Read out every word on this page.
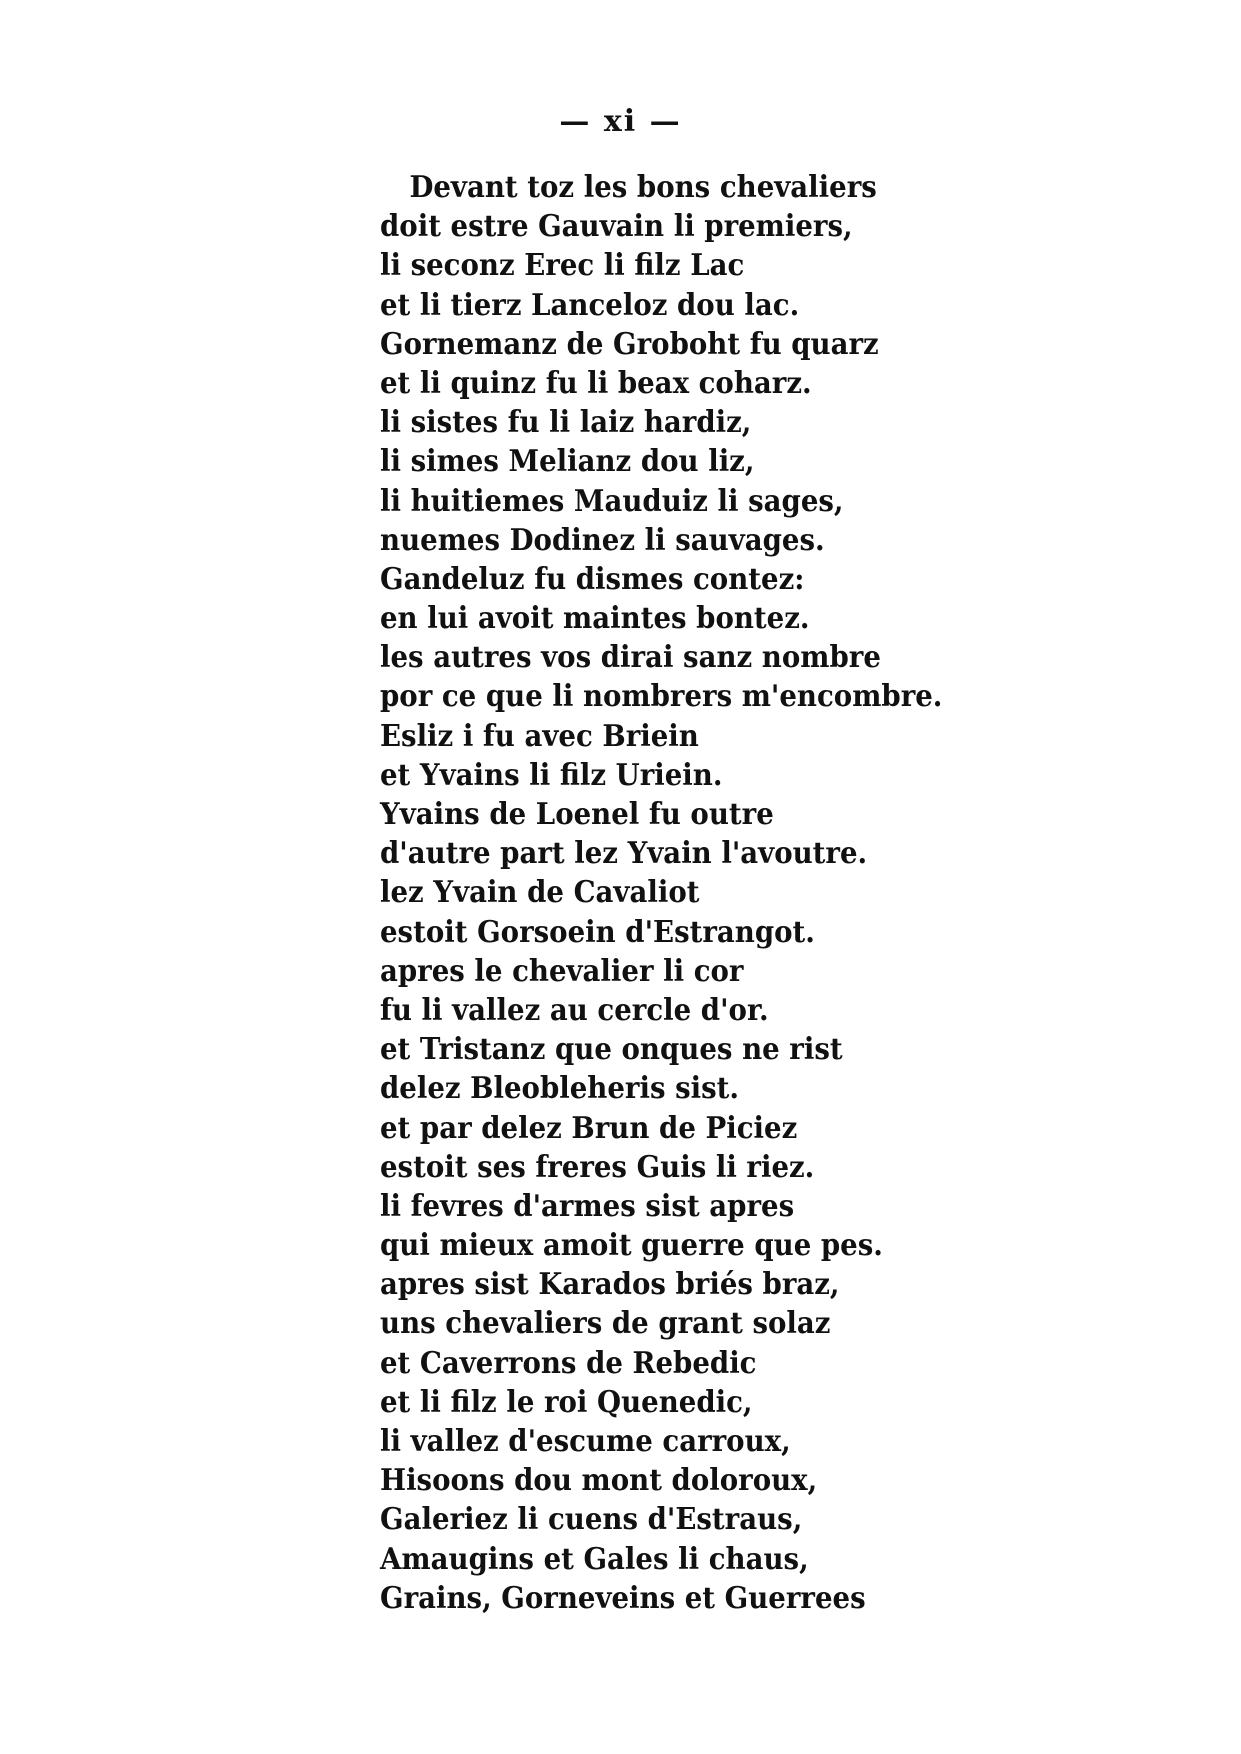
— xi —
Devant toz les bons chevaliers
doit estre Gauvain li premiers,
li seconz Erec li filz Lac
et li tierz Lanceloz dou lac.
Gornemanz de Groboht fu quarz
et li quinz fu li beax coharz.
li sistes fu li laiz hardiz,
li simes Melianz dou liz,
li huitiemes Mauduiz li sages,
nuemes Dodinez li sauvages.
Gandeluz fu dismes contez:
en lui avoit maintes bontez.
les autres vos dirai sanz nombre
por ce que li nombrers m'encombre.
Esliz i fu avec Briein
et Yvains li filz Uriein.
Yvains de Loenel fu outre
d'autre part lez Yvain l'avoutre.
lez Yvain de Cavaliot
estoit Gorsoein d'Estrangot.
apres le chevalier li cor
fu li vallez au cercle d'or.
et Tristanz que onques ne rist
delez Bleobleheris sist.
et par delez Brun de Piciez
estoit ses freres Guis li riez.
li fevres d'armes sist apres
qui mieux amoit guerre que pes.
apres sist Karados briés braz,
uns chevaliers de grant solaz
et Caverrons de Rebedic
et li filz le roi Quenedic,
li vallez d'escume carroux,
Hisoons dou mont doloroux,
Galeriez li cuens d'Estraus,
Amaugins et Gales li chaus,
Grains, Gorneveins et Guerrees
